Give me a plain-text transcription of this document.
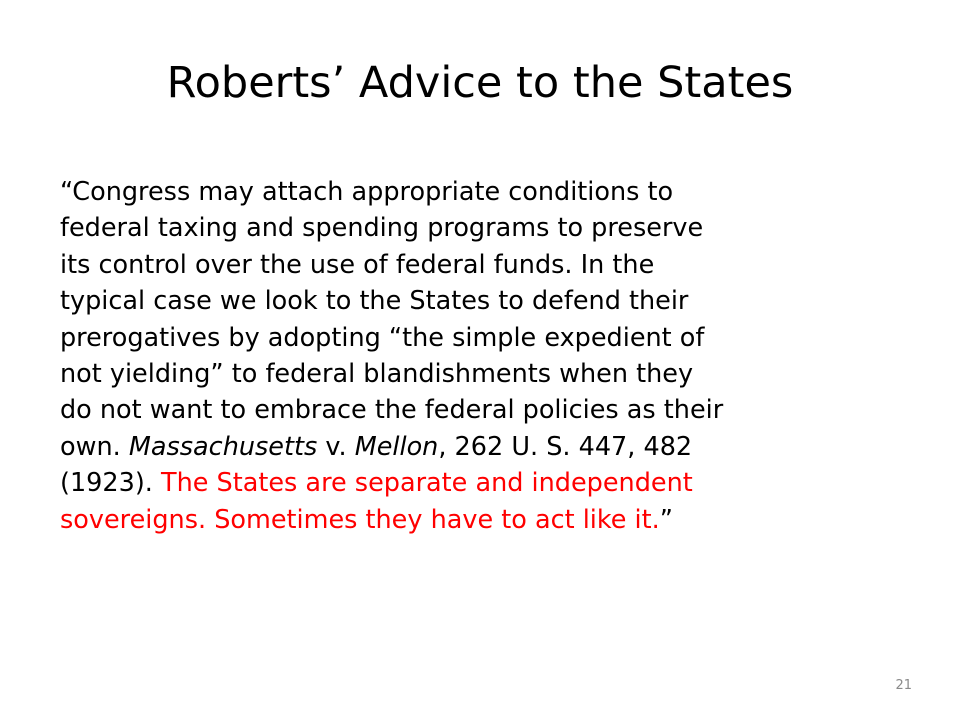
Roberts’ Advice to the States
“Congress may attach appropriate conditions to
federal taxing and spending programs to preserve
its control over the use of federal funds. In the
typical case we look to the States to defend their
prerogatives by adopting “the simple expedient of
not yielding” to federal blandishments when they
do not want to embrace the federal policies as their
own. Massachusetts v. Mellon, 262 U. S. 447, 482
(1923). The States are separate and independent
sovereigns. Sometimes they have to act like it.”
21
